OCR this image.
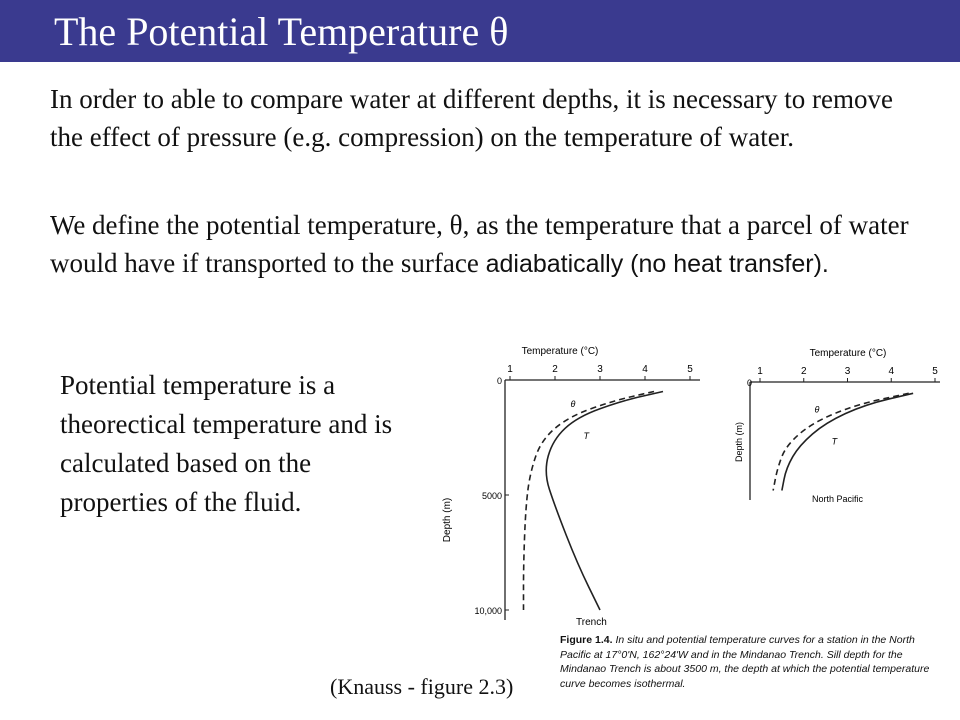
The Potential Temperature θ

In order to able to compare water at different depths, it is necessary to remove the effect of pressure (e.g. compression) on the temperature of water.

We define the potential temperature, θ, as the temperature that a parcel of water would have if transported to the surface adiabatically (no heat transfer).

Potential temperature is a theorectical temperature and is calculated based on the properties of the fluid.

Temperature (°C)
1	2	3	4	5
0
5000
10,000
Depth (m)
θ
T
Trench
Temperature (°C)
1	2	3	4	5
0
Depth (m)
θ
T
North Pacific
Figure 1.4. In situ and potential temperature curves for a station in the North Pacific at 17°0'N, 162°24'W and in the Mindanao Trench. Sill depth for the Mindanao Trench is about 3500 m, the depth at which the potential temperature curve becomes isothermal.
(Knauss - figure 2.3)
